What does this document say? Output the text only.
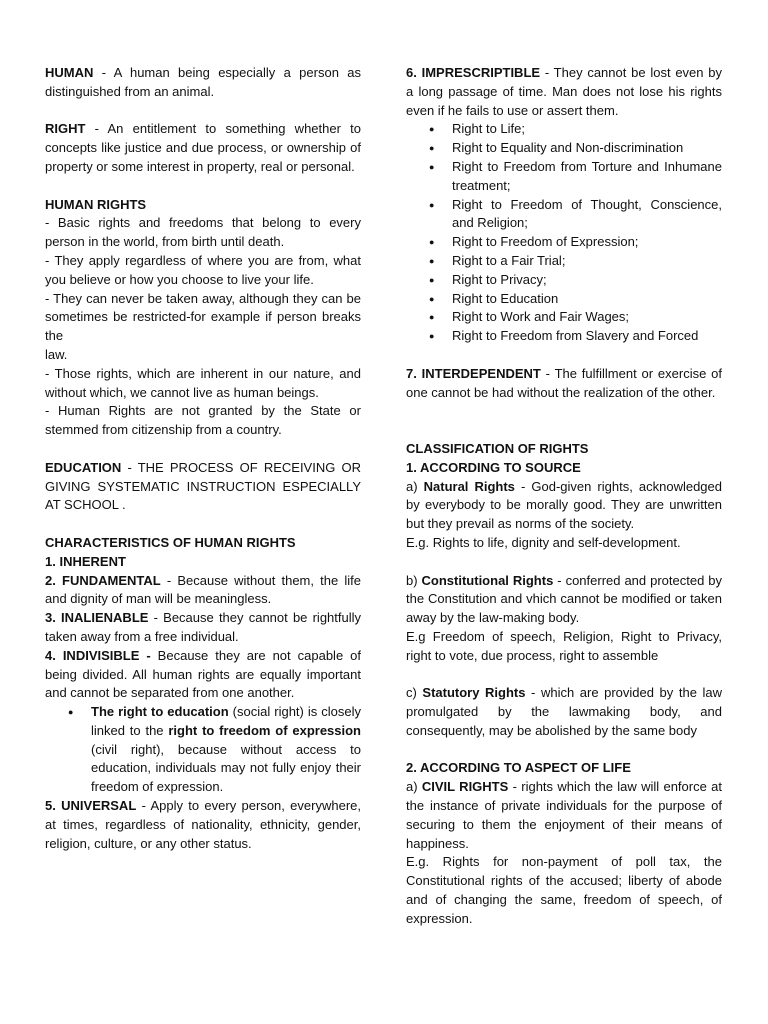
HUMAN - A human being especially a person as distinguished from an animal.

RIGHT - An entitlement to something whether to concepts like justice and due process, or ownership of property or some interest in property, real or personal.

HUMAN RIGHTS

- Basic rights and freedoms that belong to every person in the world, from birth until death.

- They apply regardless of where you are from, what you believe or how you choose to live your life.

- They can never be taken away, although they can be sometimes be restricted-for example if person breaks the

law.

- Those rights, which are inherent in our nature, and without which, we cannot live as human beings.

- Human Rights are not granted by the State or stemmed from citizenship from a country.

EDUCATION - THE PROCESS OF RECEIVING OR GIVING SYSTEMATIC INSTRUCTION ESPECIALLY AT SCHOOL .

CHARACTERISTICS OF HUMAN RIGHTS

1. INHERENT

2. FUNDAMENTAL - Because without them, the life and dignity of man will be meaningless.

3. INALIENABLE - Because they cannot be rightfully taken away from a free individual.

4. INDIVISIBLE - Because they are not capable of being divided. All human rights are equally important and cannot be separated from one another.

● The right to education (social right) is closely linked to the right to freedom of expression (civil right), because without access to education, individuals may not fully enjoy their freedom of expression.

5. UNIVERSAL - Apply to every person, everywhere, at times, regardless of nationality, ethnicity, gender, religion, culture, or any other status.

6. IMPRESCRIPTIBLE - They cannot be lost even by a long passage of time. Man does not lose his rights even if he fails to use or assert them.

● Right to Life;
● Right to Equality and Non-discrimination
● Right to Freedom from Torture and Inhumane treatment;
● Right to Freedom of Thought, Conscience, and Religion;
● Right to Freedom of Expression;
● Right to a Fair Trial;
● Right to Privacy;
● Right to Education
● Right to Work and Fair Wages;
● Right to Freedom from Slavery and Forced

7. INTERDEPENDENT - The fulfillment or exercise of one cannot be had without the realization of the other.

CLASSIFICATION OF RIGHTS

1. ACCORDING TO SOURCE

a) Natural Rights - God-given rights, acknowledged by everybody to be morally good. They are unwritten but they prevail as norms of the society.

E.g. Rights to life, dignity and self-development.

b) Constitutional Rights - conferred and protected by the Constitution and vhich cannot be modified or taken away by the law-making body.

E.g Freedom of speech, Religion, Right to Privacy, right to vote, due process, right to assemble

c) Statutory Rights - which are provided by the law promulgated by the lawmaking body, and consequently, may be abolished by the same body

2. ACCORDING TO ASPECT OF LIFE

a) CIVIL RIGHTS - rights which the law will enforce at the instance of private individuals for the purpose of securing to them the enjoyment of their means of happiness.

E.g. Rights for non-payment of poll tax, the Constitutional rights of the accused; liberty of abode and of changing the same, freedom of speech, of expression.
